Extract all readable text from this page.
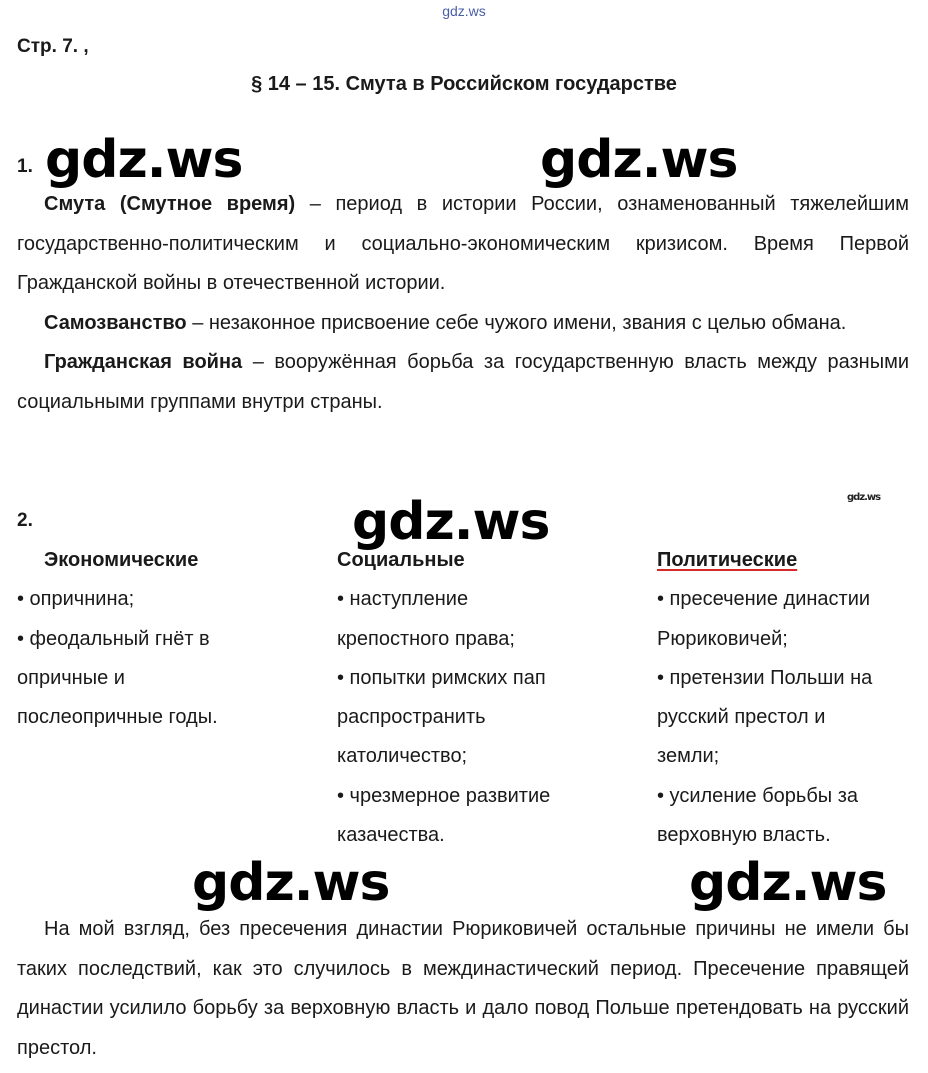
gdz.ws
Стр. 7. ,
§ 14 – 15. Смута в Российском государстве
1. gdz.ws	gdz.ws

Смута (Смутное время) – период в истории России, ознаменованный тяжелейшим государственно-политическим и социально-экономическим кризисом. Время Первой Гражданской войны в отечественной истории.

Самозванство – незаконное присвоение себе чужого имени, звания с целью обмана.

Гражданская война – вооружённая борьба за государственную власть между разными социальными группами внутри страны.

gdz.ws
2.	gdz.ws
Экономические
• опричнина;
• феодальный гнёт в
опричные и
послеопричные годы.
Социальные
• наступление
крепостного права;
• попытки римских пап
распространить
католичество;
• чрезмерное развитие
казачества.
Политические
• пресечение династии
Рюриковичей;
• претензии Польши на
русский престол и
земли;
• усиление борьбы за
верховную власть.
gdz.ws	gdz.ws

На мой взгляд, без пресечения династии Рюриковичей остальные причины не имели бы таких последствий, как это случилось в междинастический период. Пресечение правящей династии усилило борьбу за верховную власть и дало повод Польше претендовать на русский престол.
